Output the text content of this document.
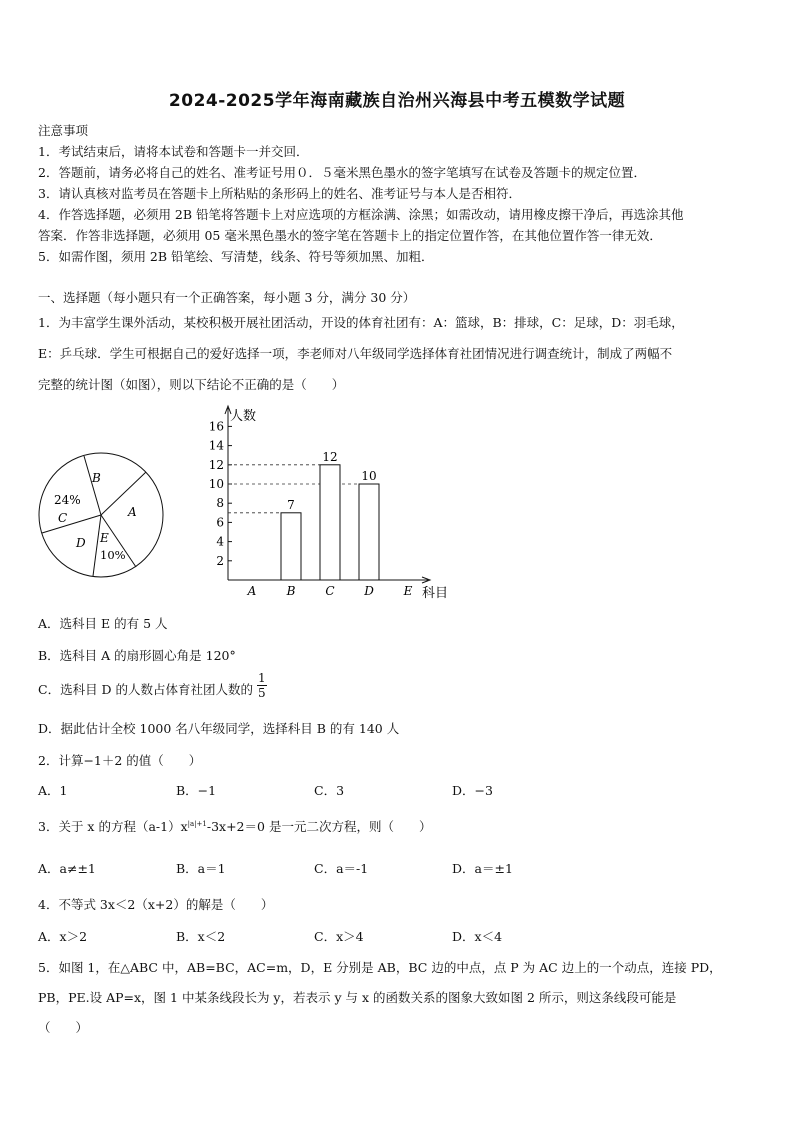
2024-2025学年海南藏族自治州兴海县中考五模数学试题
注意事项
1．考试结束后，请将本试卷和答题卡一并交回．
2．答题前，请务必将自己的姓名、准考证号用０．５毫米黑色墨水的签字笔填写在试卷及答题卡的规定位置．
3．请认真核对监考员在答题卡上所粘贴的条形码上的姓名、准考证号与本人是否相符．
4．作答选择题，必须用 2B 铅笔将答题卡上对应选项的方框涂满、涂黑；如需改动，请用橡皮擦干净后，再选涂其他
答案．作答非选择题，必须用 05 毫米黑色墨水的签字笔在答题卡上的指定位置作答，在其他位置作答一律无效．
5．如需作图，须用 2B 铅笔绘、写清楚，线条、符号等须加黑、加粗．
一、选择题（每小题只有一个正确答案，每小题 3 分，满分 30 分）
1．为丰富学生课外活动，某校积极开展社团活动，开设的体育社团有：A：篮球，B：排球，C：足球，D：羽毛球，
E：乒乓球．学生可根据自己的爱好选择一项，李老师对八年级同学选择体育社团情况进行调查统计，制成了两幅不
完整的统计图（如图），则以下结论不正确的是（　　）
B
24%
C	A
D E
10%
人数
科目
2
4
6
8
10
12
14
16
A
7
B
12
C
10
D E
A．选科目 E 的有 5 人
B．选科目 A 的扇形圆心角是 120°
C．选科目 D 的人数占体育社团人数的 $\frac{1}{5}$
D．据此估计全校 1000 名八年级同学，选择科目 B 的有 140 人
2．计算−1＋2 的值（　　）
A．1	B．−1	C．3	D．−3
3．关于 x 的方程$(a-1)x^{|a|+1}-3x+2=0$ 是一元二次方程，则（　　）
A．a≠±1	B．a＝1	C．a＝-1	D．a＝±1
4．不等式 3x＜2（x+2）的解是（　　）
A．x＞2	B．x＜2	C．x＞4	D．x＜4
5．如图 1，在△ABC 中，AB=BC，AC=m，D，E 分别是 AB，BC 边的中点，点 P 为 AC 边上的一个动点，连接 PD，
PB，PE.设 AP=x，图 1 中某条线段长为 y，若表示 y 与 x 的函数关系的图象大致如图 2 所示，则这条线段可能是
（　　）
